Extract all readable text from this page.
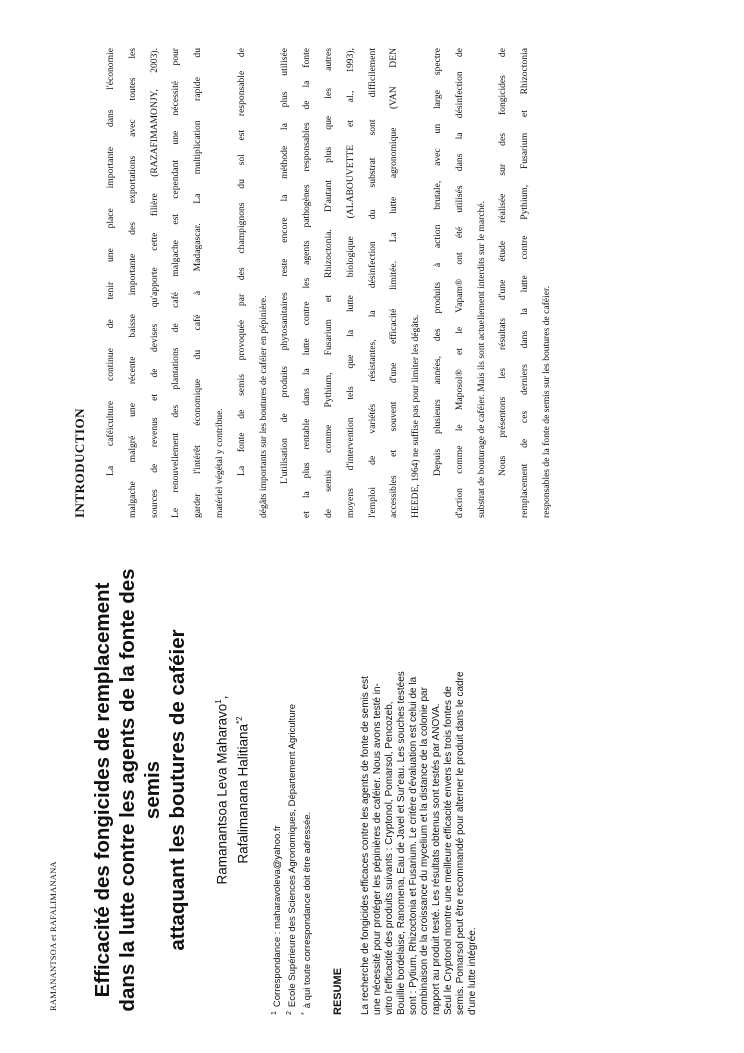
RAMANANTSOA et RAFALIMANANA Efficacité des fongicides de remplacement dans la lutte contre les agents de la fonte des semis attaquant les boutures de caféier	Ramanantsoa Leva Maharavo$^1$,
Rafalimanana Halitiana$^{*2}$
$^1$Correspondance : maharavoleva@yahoo.fr
$^2$Ecole Supérieure des Sciences Agronomiques, Département Agriculture
*à qui toute correspondance doit être adressée. RESUME La recherche de fongicides efficaces contre les agents de fonte de semis est une nécessité pour protéger les pépinières de caféier. Nous avons testé in- vitro l'efficacité des produits suivants : Cryptonol, Pomarsol, Pencozeb, Bouillie bordelaise, Ranomena, Eau de Javel et Sur'eau. Les souches testées sont : Pytium, Rhizoctonia et Fusarium. Le critère d'évaluation est celui de la combinaison de la croissance du mycelium et la distance de la colonie par rapport au produit testé. Les résultats obtenus sont testés par ANOVA. Seul le Cryptonol montre une meilleure efficacité envers les trois fontes de semis. Pomarsol peut être recommandé pour alterner le produit dans le cadre d'une lutte intégrée.
INTRODUCTION	La caféiculture continue de tenir une place importante dans l'économie	malgache malgré une récente baisse importante des exportations avec toutes les	sources de revenus et de devises qu'apporte cette filière (RAZAFIMAMONJY, 2003).	Le renouvellement des plantations de café malgache est cependant une nécessité pour	garder l'intérêt économique du café à Madagascar. La multiplication rapide du	matériel végétal y contribue.	La fonte de semis provoquée par des champignons du sol est responsable de	dégâts importants sur les boutures de caféier en pépinière.	L'utilisation de produits phytosanitaires reste encore la méthode la plus utilisée	et la plus rentable dans la lutte contre les agents pathogènes responsables de la fonte	de semis comme Pythium, Fusarium et Rhizoctonia. D'autant plus que les autres	moyens d'intervention tels que la lutte biologique (ALABOUVETTE et al., 1993),	l'emploi de variétés résistantes, la désinfection du substrat sont difficilement	accessibles et souvent d'une efficacité limitée. La lutte agronomique (VAN DEN	HEEDE, 1964) ne suffise pas pour limiter les dégâts.	Depuis plusieurs années, des produits à action brutale, avec un large spectre	d'action comme le Maposol® et le Vapam® ont été utilisés dans la désinfection de	substrat de bouturage de caféier. Mais ils sont actuellement interdits sur le marché.	Nous présentons les résultats d'une étude réalisée sur des fongicides de	remplacement de ces derniers dans la lutte contre Pythium, Fusarium et Rhizoctonia	responsables de la fonte de semis sur les boutures de caféier.
